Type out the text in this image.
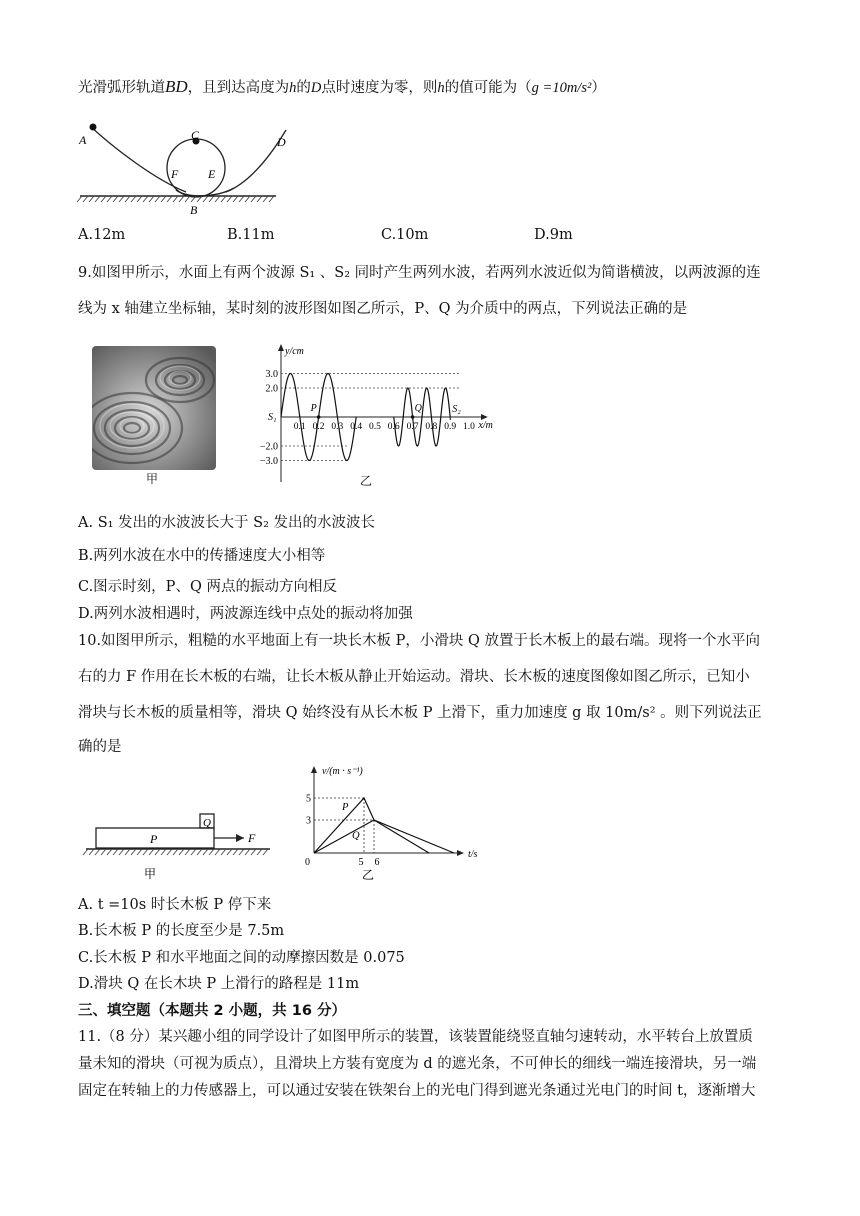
光滑弧形轨道BD，且到达高度为h的D点时速度为零，则h的值可能为（g =10m/s²）
A	C	D
E
F
B
A.12m	B.11m	C.10m	D.9m
9.如图甲所示，水面上有两个波源 S₁ 、S₂ 同时产生两列水波，若两列水波近似为简谐横波，以两波源的连
线为 x 轴建立坐标轴，某时刻的波形图如图乙所示，P、Q 为介质中的两点，下列说法正确的是
甲
y/cm
x/m
3.0
2.0
−2.0
−3.0
0.1 0.2 0.3 0.4 0.5 0.6 0.7 0.8 0.9 1.0
S₁
S₂
P	Q
乙
A. S₁ 发出的水波波长大于 S₂ 发出的水波波长
B.两列水波在水中的传播速度大小相等
C.图示时刻，P、Q 两点的振动方向相反
D.两列水波相遇时，两波源连线中点处的振动将加强
10.如图甲所示，粗糙的水平地面上有一块长木板 P，小滑块 Q 放置于长木板上的最右端。现将一个水平向
右的力 F 作用在长木板的右端，让长木板从静止开始运动。滑块、长木板的速度图像如图乙所示，已知小
滑块与长木板的质量相等，滑块 Q 始终没有从长木板 P 上滑下，重力加速度 g 取 10m/s² 。则下列说法正
确的是
P
Q
F
甲
v/(m · s⁻¹)
t/s
0
5
3
5 6
P
Q
乙
A. t =10s 时长木板 P 停下来
B.长木板 P 的长度至少是 7.5m
C.长木板 P 和水平地面之间的动摩擦因数是 0.075
D.滑块 Q 在长木块 P 上滑行的路程是 11m
三、填空题（本题共 2 小题，共 16 分）
11.（8 分）某兴趣小组的同学设计了如图甲所示的装置，该装置能绕竖直轴匀速转动，水平转台上放置质
量未知的滑块（可视为质点），且滑块上方装有宽度为 d 的遮光条，不可伸长的细线一端连接滑块，另一端
固定在转轴上的力传感器上，可以通过安装在铁架台上的光电门得到遮光条通过光电门的时间 t，逐渐增大
